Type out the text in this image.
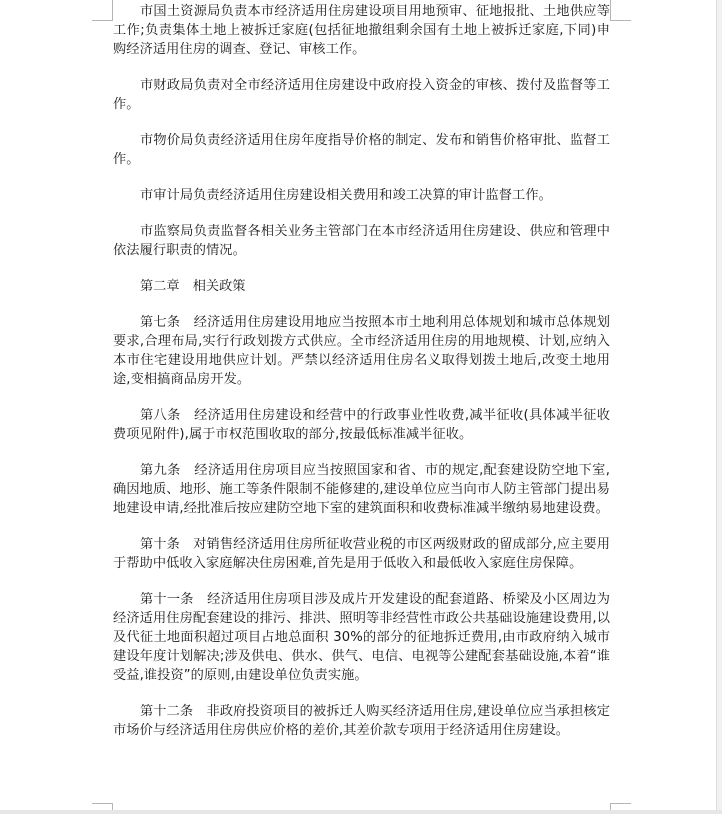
市国土资源局负责本市经济适用住房建设项目用地预审、征地报批、土地供应等工作;负责集体土地上被拆迁家庭(包括征地撤组剩余国有土地上被拆迁家庭,下同)申购经济适用住房的调查、登记、审核工作。

市财政局负责对全市经济适用住房建设中政府投入资金的审核、拨付及监督等工作。

市物价局负责经济适用住房年度指导价格的制定、发布和销售价格审批、监督工作。

市审计局负责经济适用住房建设相关费用和竣工决算的审计监督工作。

市监察局负责监督各相关业务主管部门在本市经济适用住房建设、供应和管理中依法履行职责的情况。

第二章　相关政策

第七条　经济适用住房建设用地应当按照本市土地利用总体规划和城市总体规划要求,合理布局,实行行政划拨方式供应。全市经济适用住房的用地规模、计划,应纳入本市住宅建设用地供应计划。严禁以经济适用住房名义取得划拨土地后,改变土地用途,变相搞商品房开发。

第八条　经济适用住房建设和经营中的行政事业性收费,减半征收(具体减半征收费项见附件),属于市权范围收取的部分,按最低标准减半征收。

第九条　经济适用住房项目应当按照国家和省、市的规定,配套建设防空地下室,确因地质、地形、施工等条件限制不能修建的,建设单位应当向市人防主管部门提出易地建设申请,经批准后按应建防空地下室的建筑面积和收费标准减半缴纳易地建设费。

第十条　对销售经济适用住房所征收营业税的市区两级财政的留成部分,应主要用于帮助中低收入家庭解决住房困难,首先是用于低收入和最低收入家庭住房保障。

第十一条　经济适用住房项目涉及成片开发建设的配套道路、桥梁及小区周边为经济适用住房配套建设的排污、排洪、照明等非经营性市政公共基础设施建设费用,以及代征土地面积超过项目占地总面积 30%的部分的征地拆迁费用,由市政府纳入城市建设年度计划解决;涉及供电、供水、供气、电信、电视等公建配套基础设施,本着“谁受益,谁投资”的原则,由建设单位负责实施。

第十二条　非政府投资项目的被拆迁人购买经济适用住房,建设单位应当承担核定市场价与经济适用住房供应价格的差价,其差价款专项用于经济适用住房建设。
